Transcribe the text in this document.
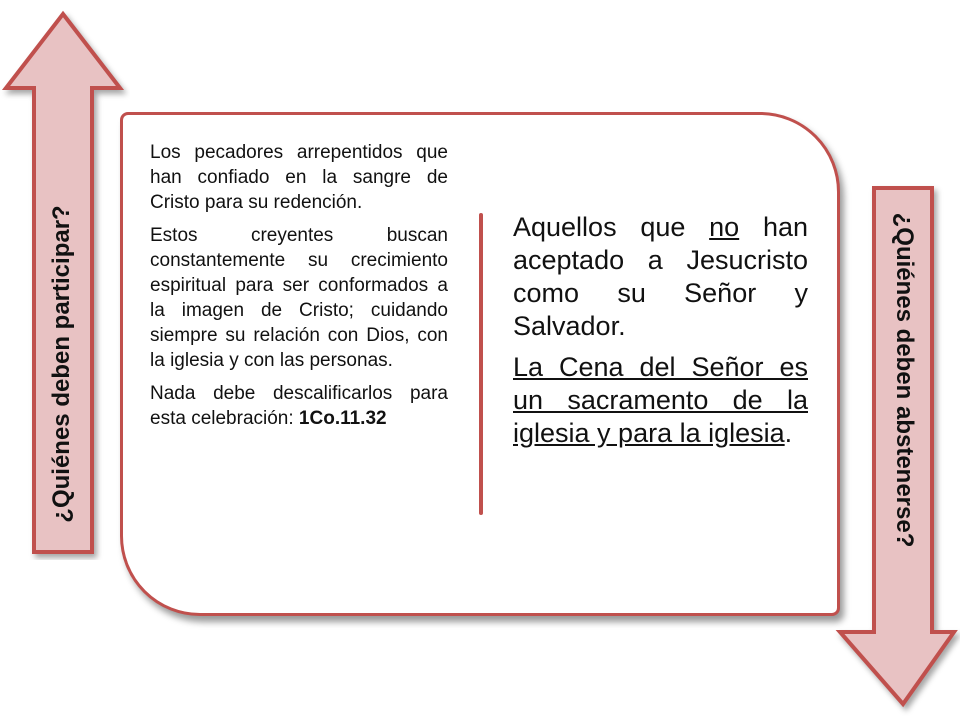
¿Quiénes deben participar?	¿Quiénes deben abstenerse?

Los pecadores arrepentidos que han confiado en la sangre de Cristo para su redención.

Estos creyentes buscan constantemente su crecimiento espiritual para ser conformados a la imagen de Cristo; cuidando siempre su relación con Dios, con la iglesia y con las personas.

Nada debe descalificarlos para esta celebración: 1Co.11.32

Aquellos que no han aceptado a Jesucristo como su Señor y Salvador.

La Cena del Señor es un sacramento de la iglesia y para la iglesia.
